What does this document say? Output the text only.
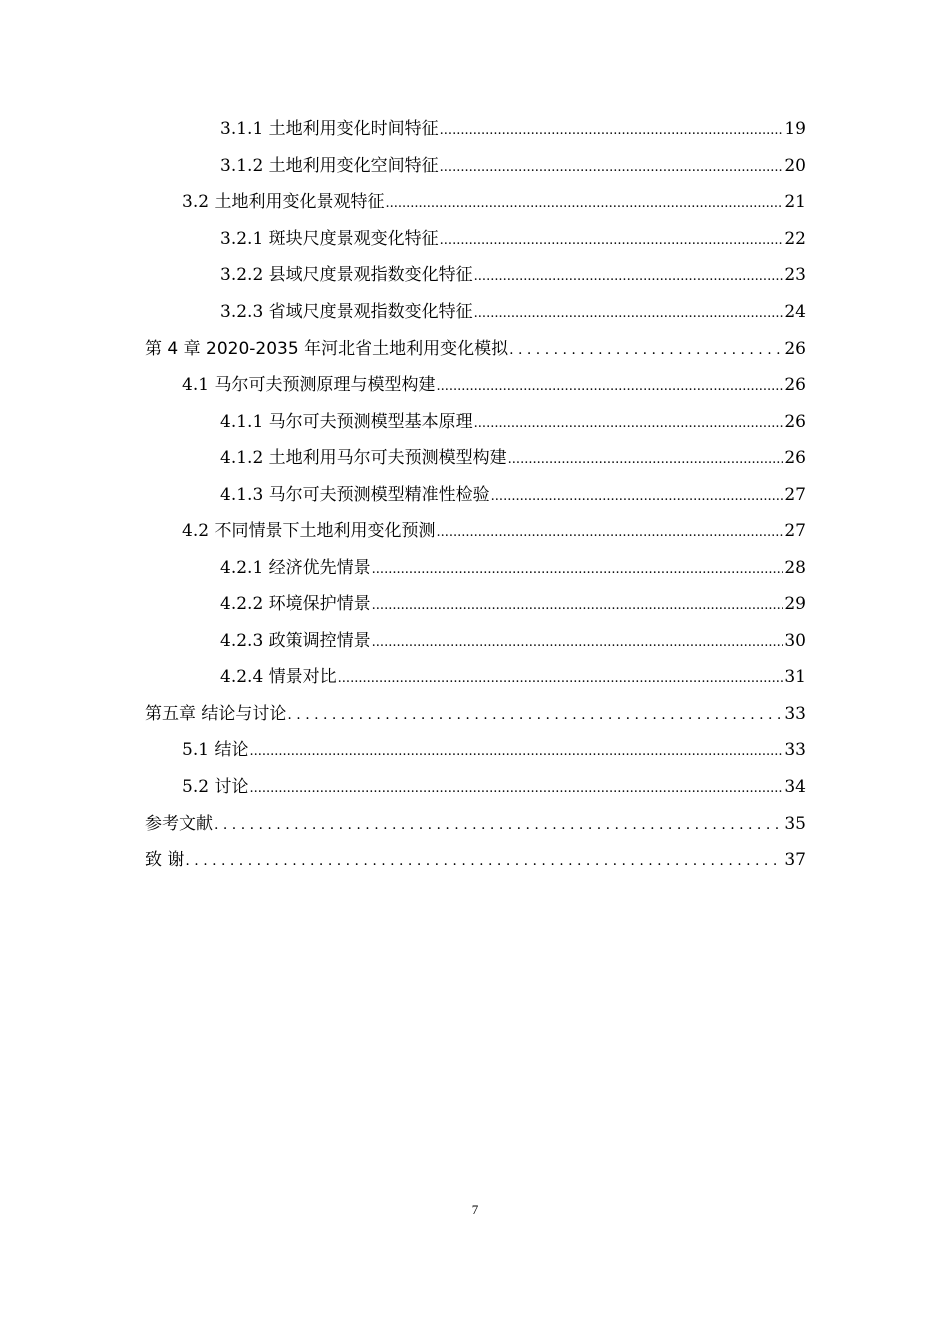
3.1.1 土地利用变化时间特征 .....	19
3.1.2 土地利用变化空间特征 .....	20
3.2 土地利用变化景观特征 .....	21
3.2.1 斑块尺度景观变化特征 .....	22
3.2.2 县域尺度景观指数变化特征 .....	23
3.2.3 省域尺度景观指数变化特征 .....	24
第 4 章 2020-2035 年河北省土地利用变化模拟 . . .	26
4.1 马尔可夫预测原理与模型构建 .....	26
4.1.1 马尔可夫预测模型基本原理 .....	26
4.1.2 土地利用马尔可夫预测模型构建 .....	26
4.1.3 马尔可夫预测模型精准性检验 .....	27
4.2 不同情景下土地利用变化预测 .....	27
4.2.1 经济优先情景 .....	28
4.2.2 环境保护情景 .....	29
4.2.3 政策调控情景 .....	30
4.2.4 情景对比 .....	31
第五章 结论与讨论 . . .	33
5.1 结论 .....	33
5.2 讨论 .....	34
参考文献 . . .	35
致 谢 . . .	37
7
